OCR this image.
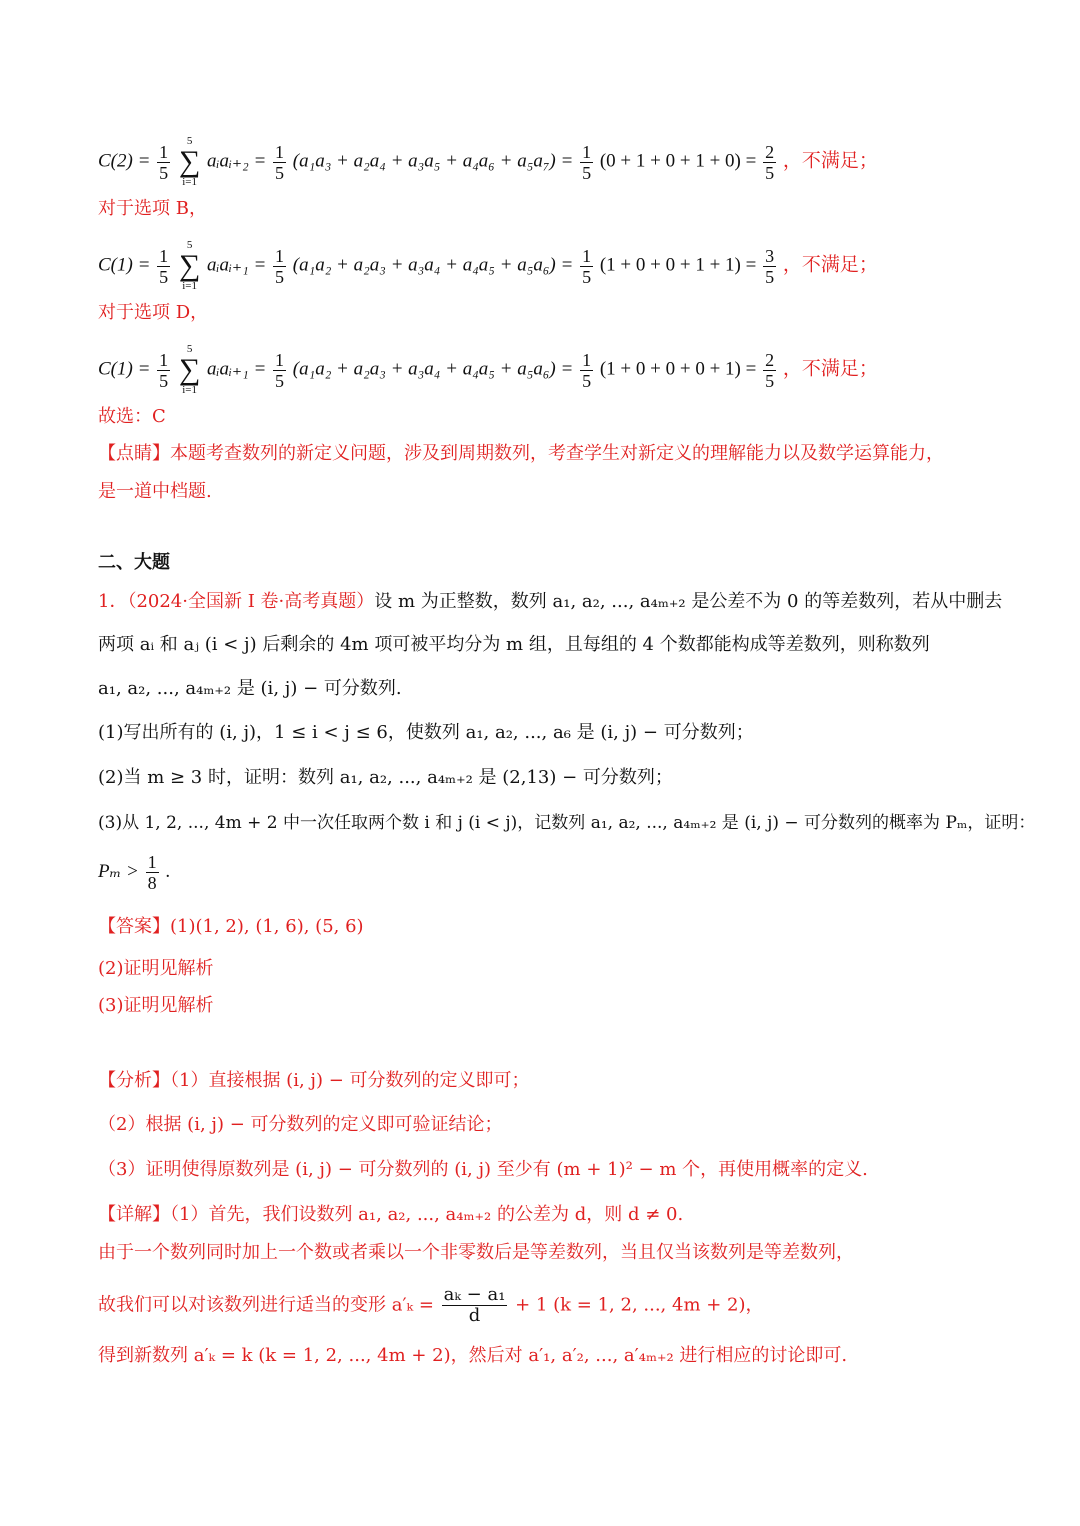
$C(2) = \frac{1}{5}$

5
∑
i=1
aᵢaᵢ₊₂ = $\frac{1}{5} (a_1a_3 + a_2a_4 + a_3a_5 + a_4a_6 + a_5a_7) = \frac{1}{5} (0 + 1 + 0 + 1 + 0) = \frac{2}{5}$ ，不满足；
对于选项 B，
$C(1) = \frac{1}{5}$

5
∑
i=1
aᵢaᵢ₊₁ = $\frac{1}{5} (a_1a_2 + a_2a_3 + a_3a_4 + a_4a_5 + a_5a_6) = \frac{1}{5} (1 + 0 + 0 + 1 + 1) = \frac{3}{5}$ ，不满足；
对于选项 D，
$C(1) = \frac{1}{5}$

5
∑
i=1
aᵢaᵢ₊₁ = $\frac{1}{5} (a_1a_2 + a_2a_3 + a_3a_4 + a_4a_5 + a_5a_6) = \frac{1}{5} (1 + 0 + 0 + 0 + 1) = \frac{2}{5}$ ，不满足；
故选：C
【点睛】本题考查数列的新定义问题，涉及到周期数列，考查学生对新定义的理解能力以及数学运算能力，
是一道中档题.
二、大题
1．（2024·全国新 I 卷·高考真题）设 m 为正整数，数列 a₁, a₂, ..., a₄ₘ₊₂ 是公差不为 0 的等差数列，若从中删去
两项 aᵢ 和 aⱼ (i < j) 后剩余的 4m 项可被平均分为 m 组，且每组的 4 个数都能构成等差数列，则称数列
a₁, a₂, ..., a₄ₘ₊₂ 是 (i, j) − 可分数列.
(1)写出所有的 (i, j)，1 ≤ i < j ≤ 6，使数列 a₁, a₂, ..., a₆ 是 (i, j) − 可分数列；
(2)当 m ≥ 3 时，证明：数列 a₁, a₂, ..., a₄ₘ₊₂ 是 (2,13) − 可分数列；
(3)从 1, 2, ..., 4m + 2 中一次任取两个数 i 和 j (i < j)，记数列 a₁, a₂, ..., a₄ₘ₊₂ 是 (i, j) − 可分数列的概率为 Pₘ，证明：
$P_m > \frac{1}{8}$ .
【答案】(1)(1, 2), (1, 6), (5, 6)
(2)证明见解析
(3)证明见解析
【分析】（1）直接根据 (i, j) − 可分数列的定义即可；
（2）根据 (i, j) − 可分数列的定义即可验证结论；
（3）证明使得原数列是 (i, j) − 可分数列的 (i, j) 至少有 (m + 1)² − m 个，再使用概率的定义.
【详解】（1）首先，我们设数列 a₁, a₂, ..., a₄ₘ₊₂ 的公差为 d，则 d ≠ 0.
由于一个数列同时加上一个数或者乘以一个非零数后是等差数列，当且仅当该数列是等差数列，
故我们可以对该数列进行适当的变形 $a'_k = \frac{\text{aₖ − a₁}}{d} + 1$ (k = 1, 2, ..., 4m + 2)，
得到新数列 a′ₖ = k (k = 1, 2, ..., 4m + 2)，然后对 a′₁, a′₂, ..., a′₄ₘ₊₂ 进行相应的讨论即可.
